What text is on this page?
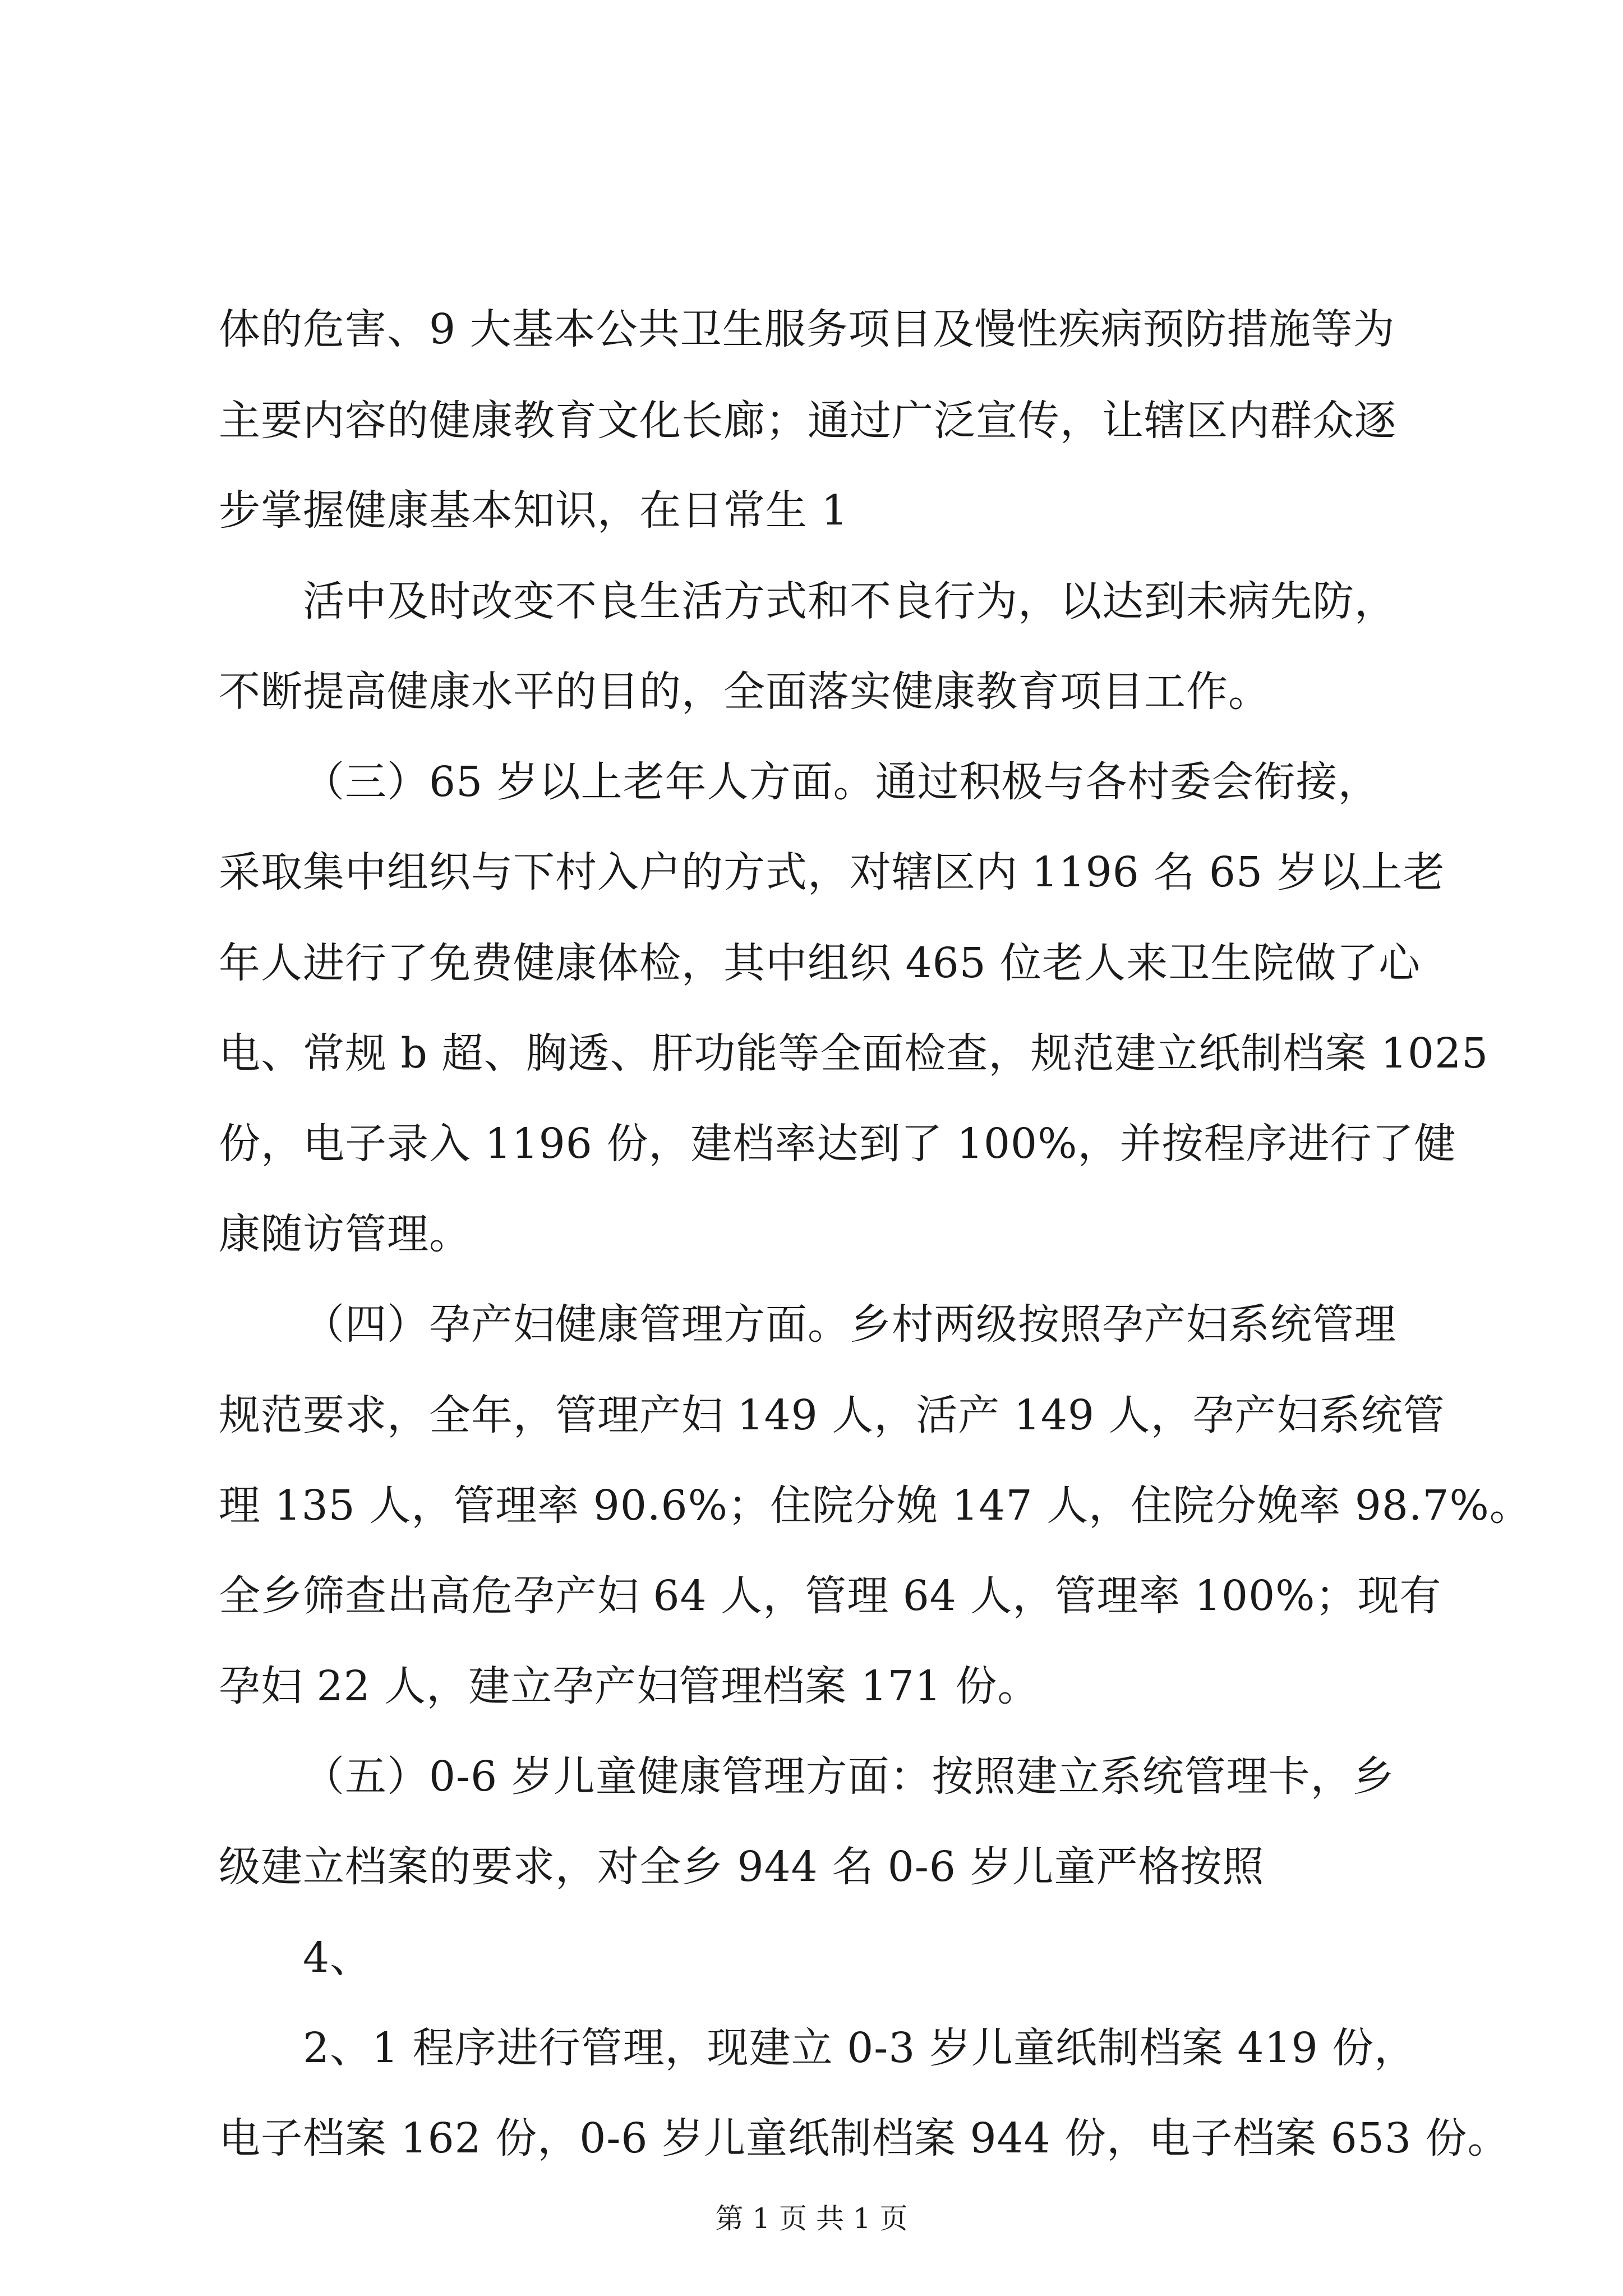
体的危害、9 大基本公共卫生服务项目及慢性疾病预防措施等为
主要内容的健康教育文化长廊；通过广泛宣传，让辖区内群众逐
步掌握健康基本知识，在日常生 1
活中及时改变不良生活方式和不良行为，以达到未病先防，
不断提高健康水平的目的，全面落实健康教育项目工作。
（三）65 岁以上老年人方面。通过积极与各村委会衔接，
采取集中组织与下村入户的方式，对辖区内 1196 名 65 岁以上老
年人进行了免费健康体检，其中组织 465 位老人来卫生院做了心
电、常规 b 超、胸透、肝功能等全面检查，规范建立纸制档案 1025
份，电子录入 1196 份，建档率达到了 100%，并按程序进行了健
康随访管理。
（四）孕产妇健康管理方面。乡村两级按照孕产妇系统管理
规范要求，全年，管理产妇 149 人，活产 149 人，孕产妇系统管
理 135 人，管理率 90.6%；住院分娩 147 人，住院分娩率 98.7%。
全乡筛查出高危孕产妇 64 人，管理 64 人，管理率 100%；现有
孕妇 22 人，建立孕产妇管理档案 171 份。
（五）0-6 岁儿童健康管理方面：按照建立系统管理卡，乡
级建立档案的要求，对全乡 944 名 0-6 岁儿童严格按照
4、
2、1 程序进行管理，现建立 0-3 岁儿童纸制档案 419 份，
电子档案 162 份，0-6 岁儿童纸制档案 944 份，电子档案 653 份。
第 1 页 共 1 页
